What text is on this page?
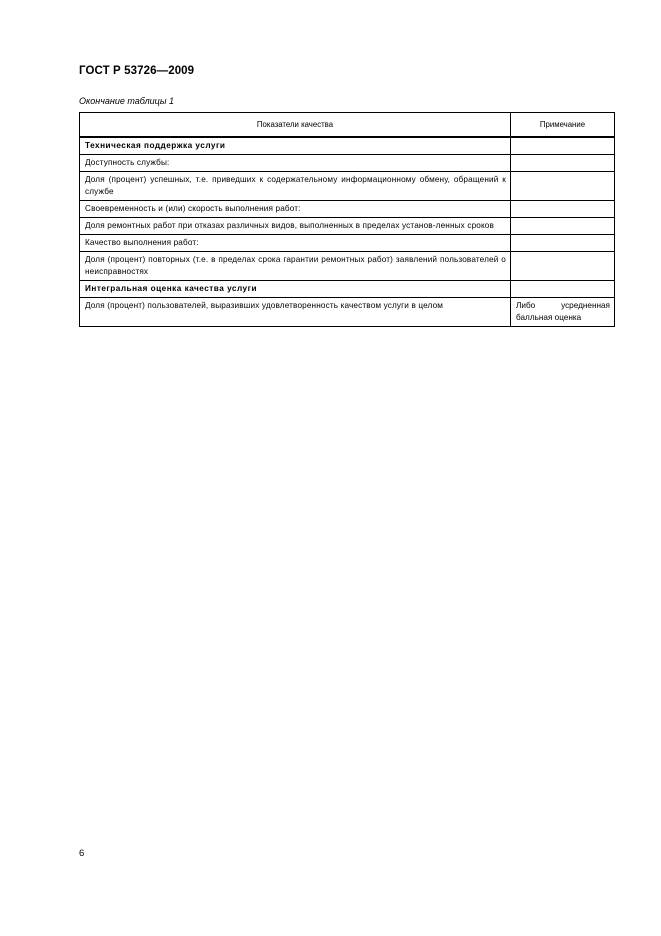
ГОСТ Р 53726—2009
Окончание таблицы 1
Показатели качества	Примечание
Техническая поддержка услуги	
Доступность службы:	
Доля (процент) успешных, т.е. приведших к содержательному информационному обмену, обращений к службе	
Своевременность и (или) скорость выполнения работ:	
Доля ремонтных работ при отказах различных видов, выполненных в пределах установ-ленных сроков	
Качество выполнения работ:	
Доля (процент) повторных (т.е. в пределах срока гарантии ремонтных работ) заявлений пользователей о неисправностях	
Интегральная оценка качества услуги	
Доля (процент) пользователей, выразивших удовлетворенность качеством услуги в целом	Либо усредненная балльная оценка
6
